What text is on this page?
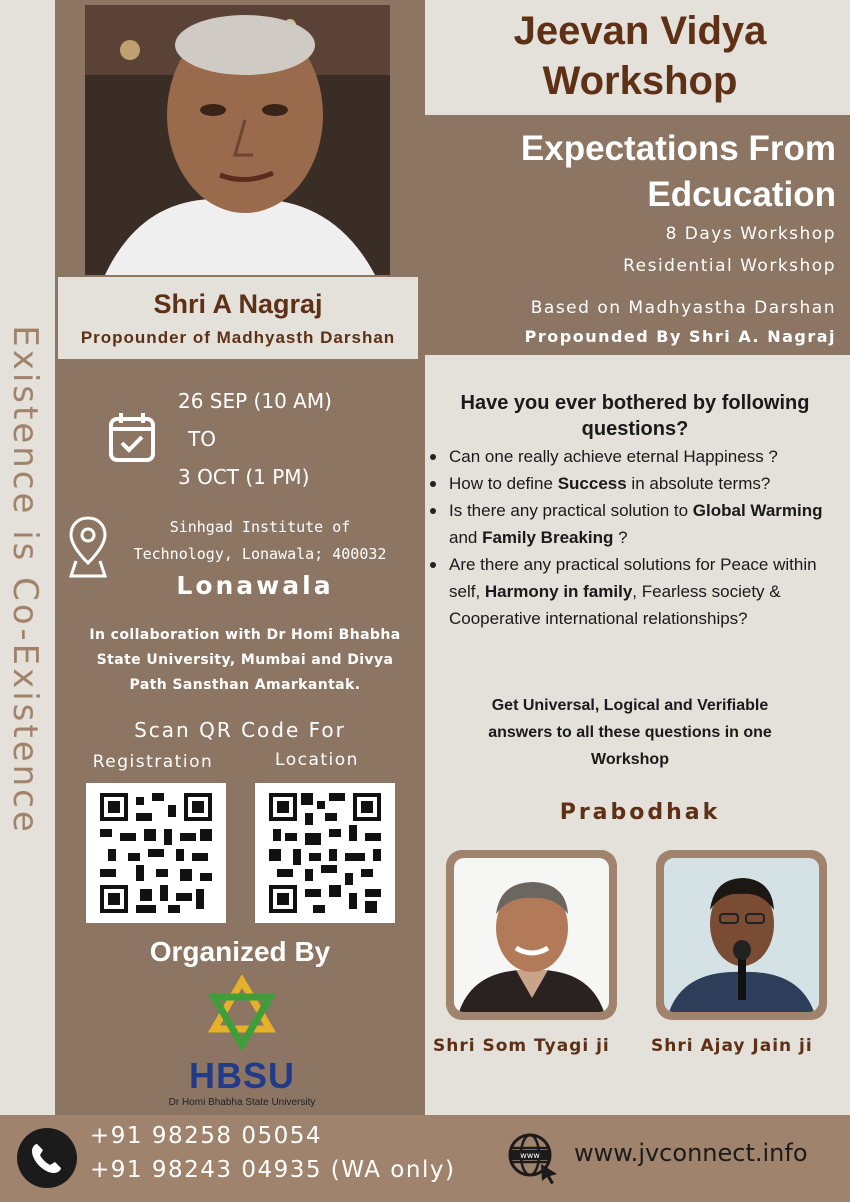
Existence is Co-Existence
Shri A Nagraj
Propounder of Madhyasth Darshan
26 SEP (10 AM)
TO
3 OCT (1 PM)
Sinhgad Institute of
Technology, Lonawala; 400032
Lonawala
In collaboration with Dr Homi Bhabha
State University, Mumbai and Divya
Path Sansthan Amarkantak.
Scan QR Code For
Registration	Location
Organized By
HBSU
Dr Homi Bhabha State University
Jeevan Vidya
Workshop
Expectations From
Edcucation
8 Days Workshop
Residential Workshop
Based on Madhyastha Darshan
Propounded By Shri A. Nagraj
Have you ever bothered by following
questions?
Can one really achieve eternal Happiness ?
How to define Success in absolute terms?
Is there any practical solution to Global Warming and Family Breaking ?
Are there any practical solutions for Peace within self, Harmony in family, Fearless society & Cooperative international relationships?
Get Universal, Logical and Verifiable
answers to all these questions in one
Workshop
Prabodhak
Shri Som Tyagi ji Shri Ajay Jain ji
+91 98258 05054
+91 98243 04935 (WA only)
www www.jvconnect.info
